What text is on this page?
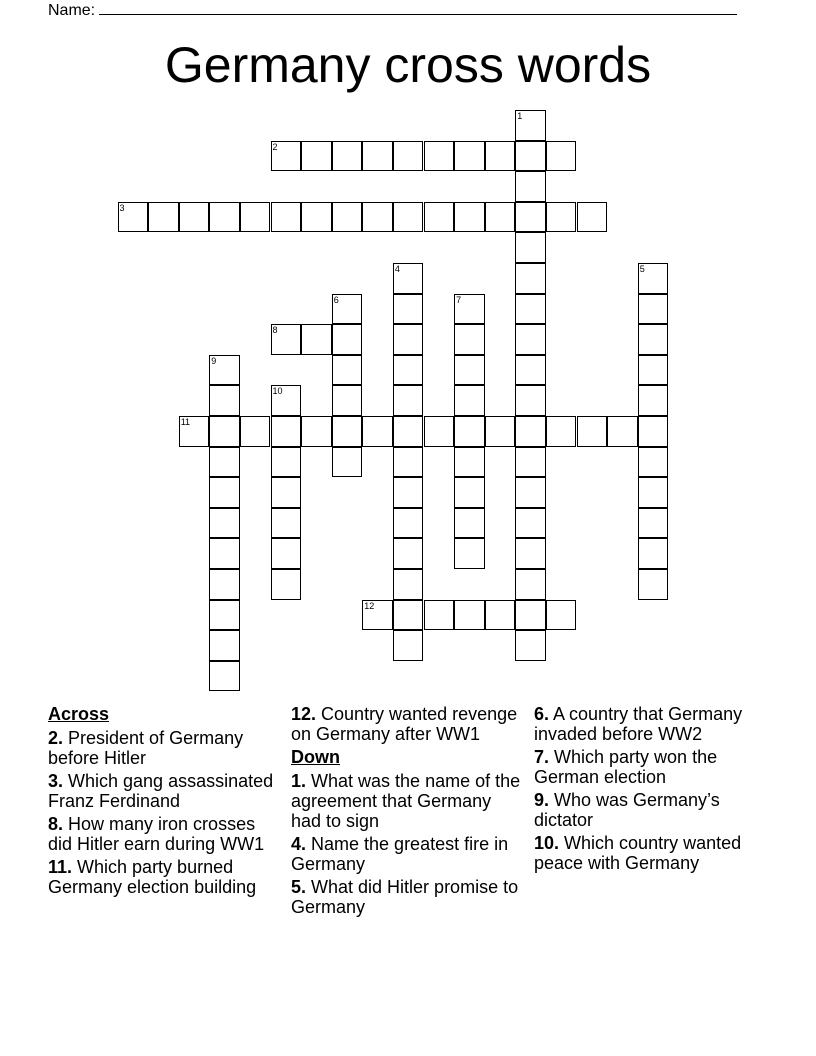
Name:
Germany cross words
1
2
3
4	5
6	7
8
9
10
11
12
Across
2. President of Germany before Hitler
3. Which gang assassinated Franz Ferdinand
8. How many iron crosses did Hitler earn during WW1
11. Which party burned Germany election building
12. Country wanted revenge on Germany after WW1
Down
1. What was the name of the agreement that Germany had to sign
4. Name the greatest fire in Germany
5. What did Hitler promise to Germany
6. A country that Germany invaded before WW2
7. Which party won the German election
9. Who was Germany’s dictator
10. Which country wanted peace with Germany
